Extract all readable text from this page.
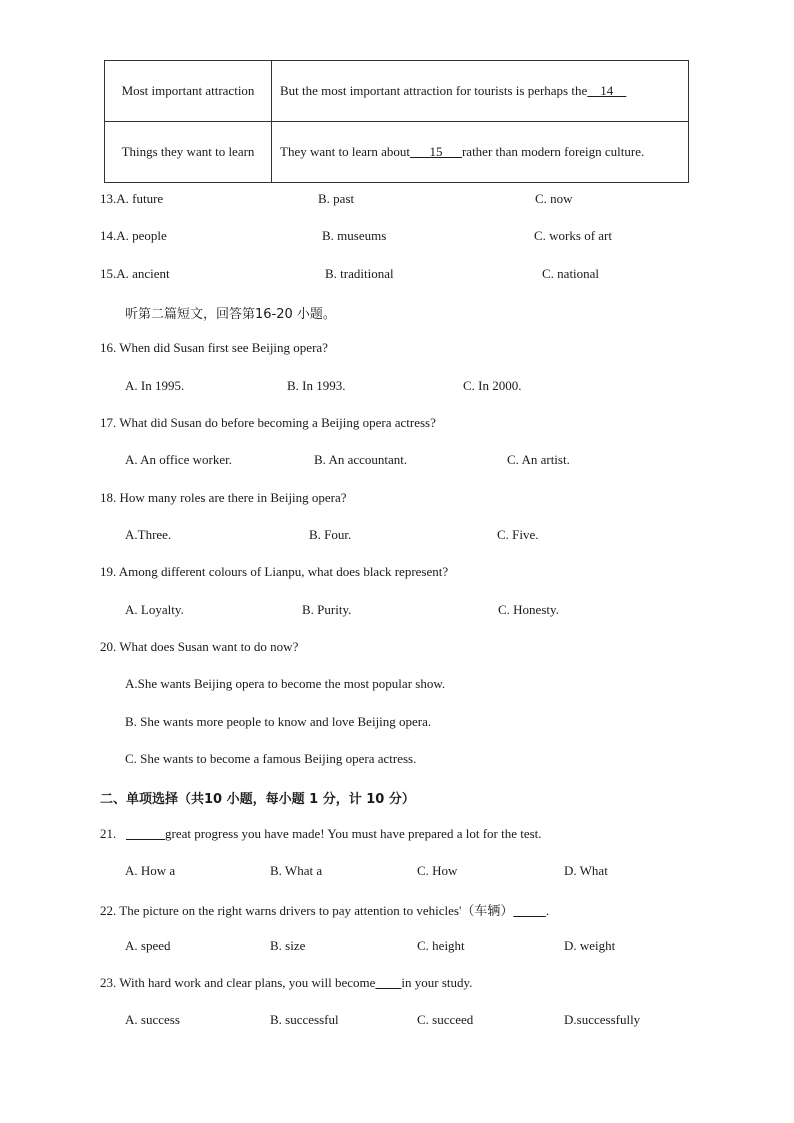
Most important attraction	But the most important attraction for tourists is perhaps the    14
Things they want to learn	They want to learn about      15      rather than modern foreign culture.
13.A. future	B. past	C. now
14.A. people	B. museums	C. works of art
15.A. ancient	B. traditional	C. national
听第二篇短文，回答第16-20 小题。
16. When did Susan first see Beijing opera?
A. In 1995.	B. In 1993.	C. In 2000.
17. What did Susan do before becoming a Beijing opera actress?
A. An office worker.	B. An accountant.	C. An artist.
18. How many roles are there in Beijing opera?
A.Three.	B. Four.	C. Five.
19. Among different colours of Lianpu, what does black represent?
A. Loyalty.	B. Purity.	C. Honesty.
20. What does Susan want to do now?
A.She wants Beijing opera to become the most popular show.
B. She wants more people to know and love Beijing opera.
C. She wants to become a famous Beijing opera actress.
二、单项选择（共10 小题，每小题 1 分，计 10 分）
21.	great progress you have made! You must have prepared a lot for the test.
A. How a	B. What a	C. How	D. What
22. The picture on the right warns drivers to pay attention to vehicles'（车辆）	.
A. speed	B. size	C. height	D. weight
23. With hard work and clear plans, you will become in your study.
A. success	B. successful	C. succeed	D.successfully
